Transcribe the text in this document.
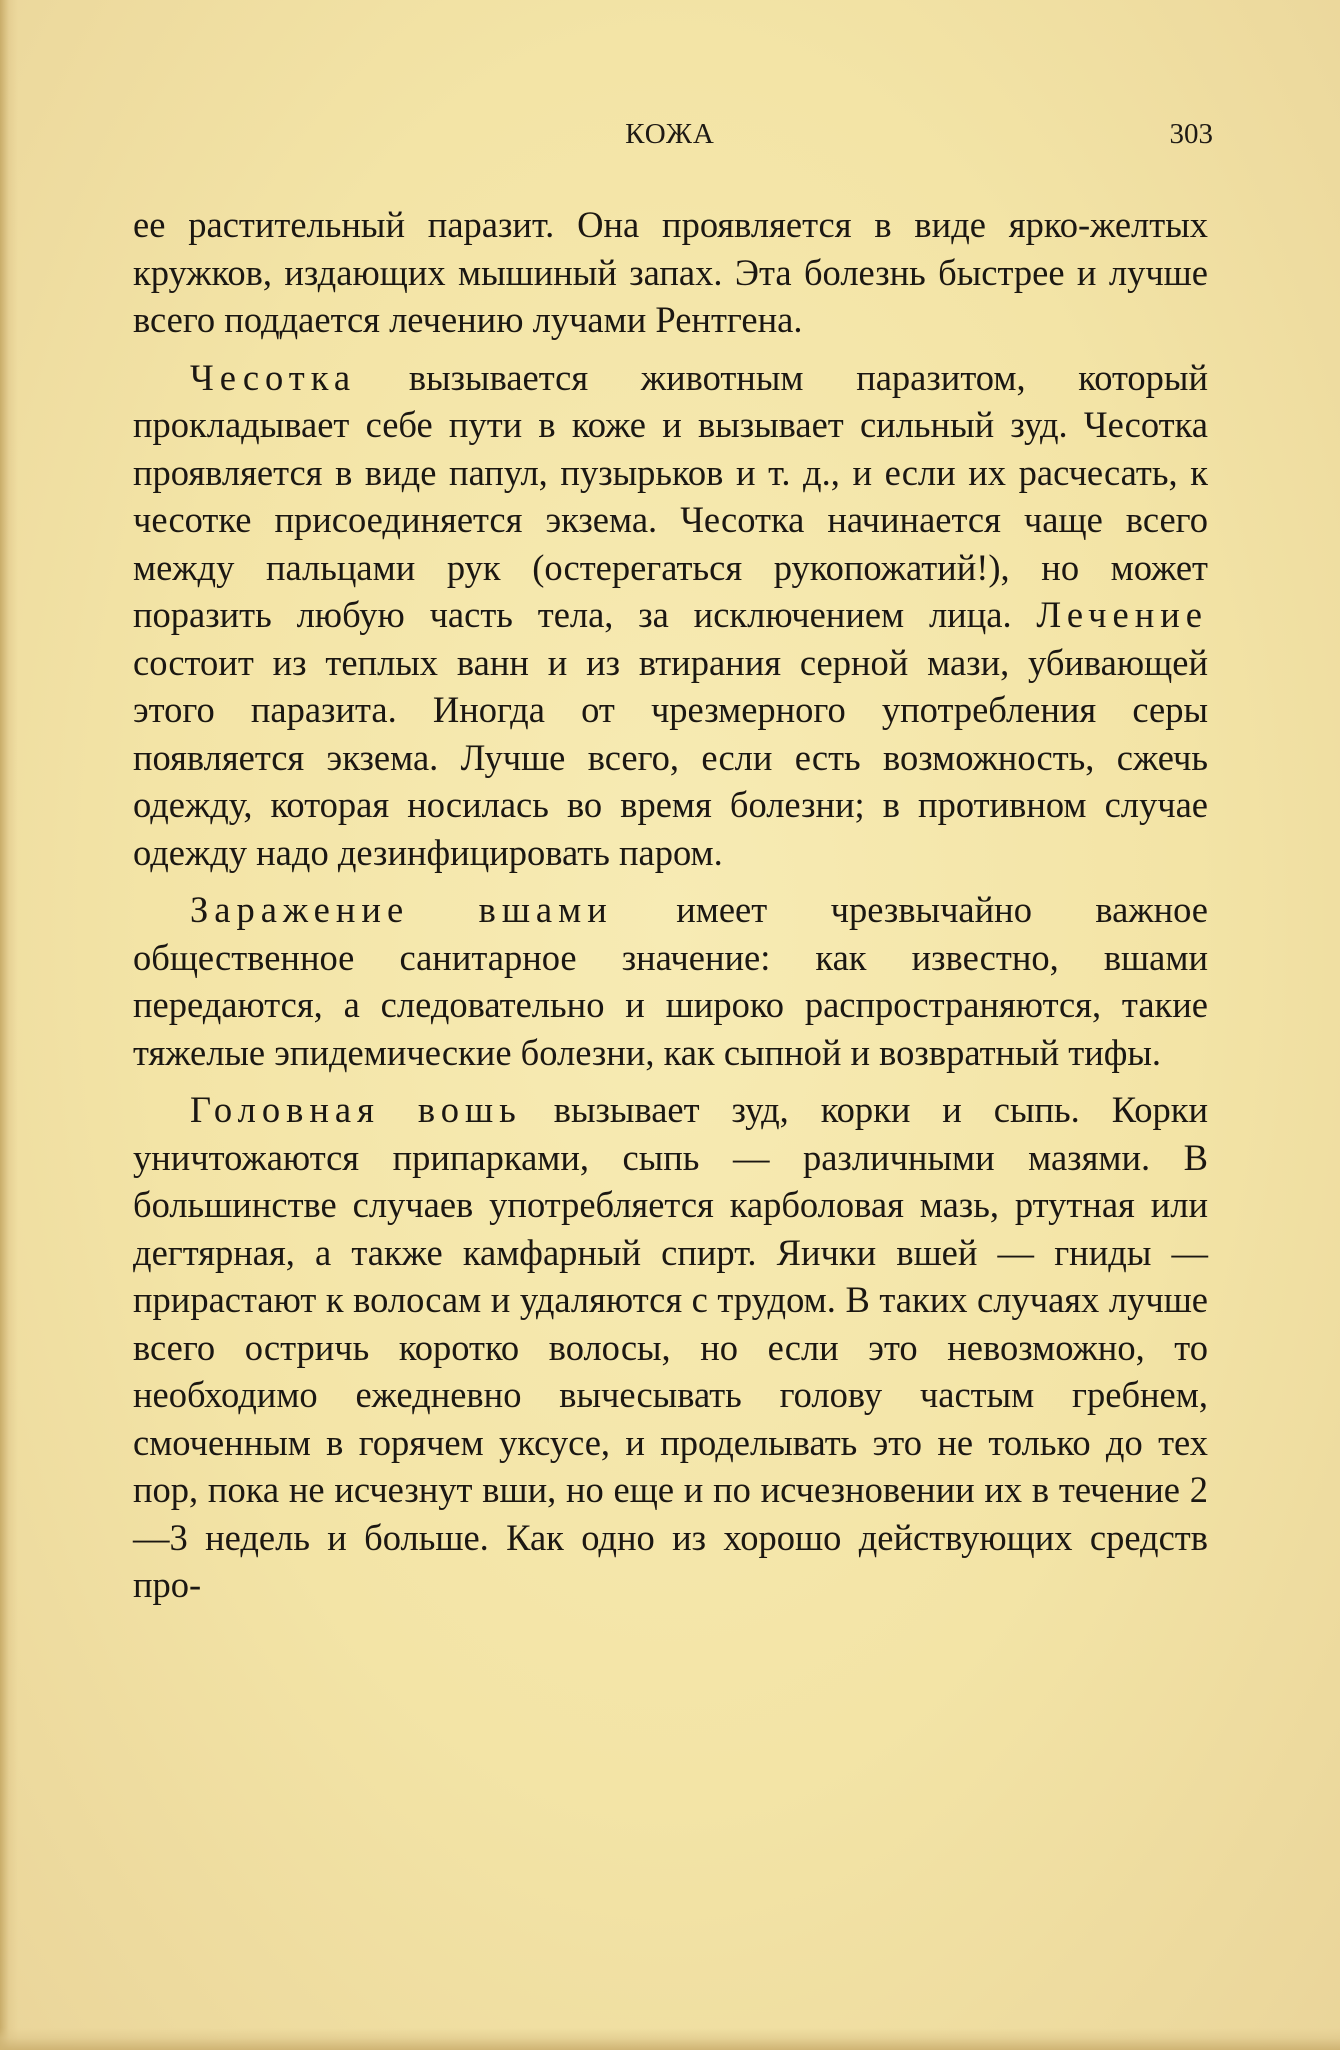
КОЖА	303

ее растительный паразит. Она проявляется в виде ярко-желтых кружков, издающих мышиный запах. Эта болезнь быстрее и лучше всего поддается лечению лучами Рентгена.

Чесотка вызывается животным паразитом, который прокладывает себе пути в коже и вызывает сильный зуд. Чесотка проявляется в виде папул, пузырьков и т. д., и если их расчесать, к чесотке присоединяется экзема. Чесотка начинается чаще всего между пальцами рук (остерегаться рукопожатий!), но может поразить любую часть тела, за исключением лица. Лечение состоит из теплых ванн и из втирания серной мази, убивающей этого паразита. Иногда от чрезмерного употребления серы появляется экзема. Лучше всего, если есть возможность, сжечь одежду, которая носилась во время болезни; в противном случае одежду надо дезинфицировать паром.

Заражение вшами имеет чрезвычайно важное общественное санитарное значение: как известно, вшами передаются, а следовательно и широко распространяются, такие тяжелые эпидемические болезни, как сыпной и возвратный тифы.

Головная вошь вызывает зуд, корки и сыпь. Корки уничтожаются припарками, сыпь — различными мазями. В большинстве случаев употребляется карболовая мазь, ртутная или дегтярная, а также камфарный спирт. Яички вшей — гниды — прирастают к волосам и удаляются с трудом. В таких случаях лучше всего остричь коротко волосы, но если это невозможно, то необходимо ежедневно вычесывать голову частым гребнем, смоченным в горячем уксусе, и проделывать это не только до тех пор, пока не исчезнут вши, но еще и по исчезновении их в течение 2—3 недель и больше. Как одно из хорошо действующих средств про-
